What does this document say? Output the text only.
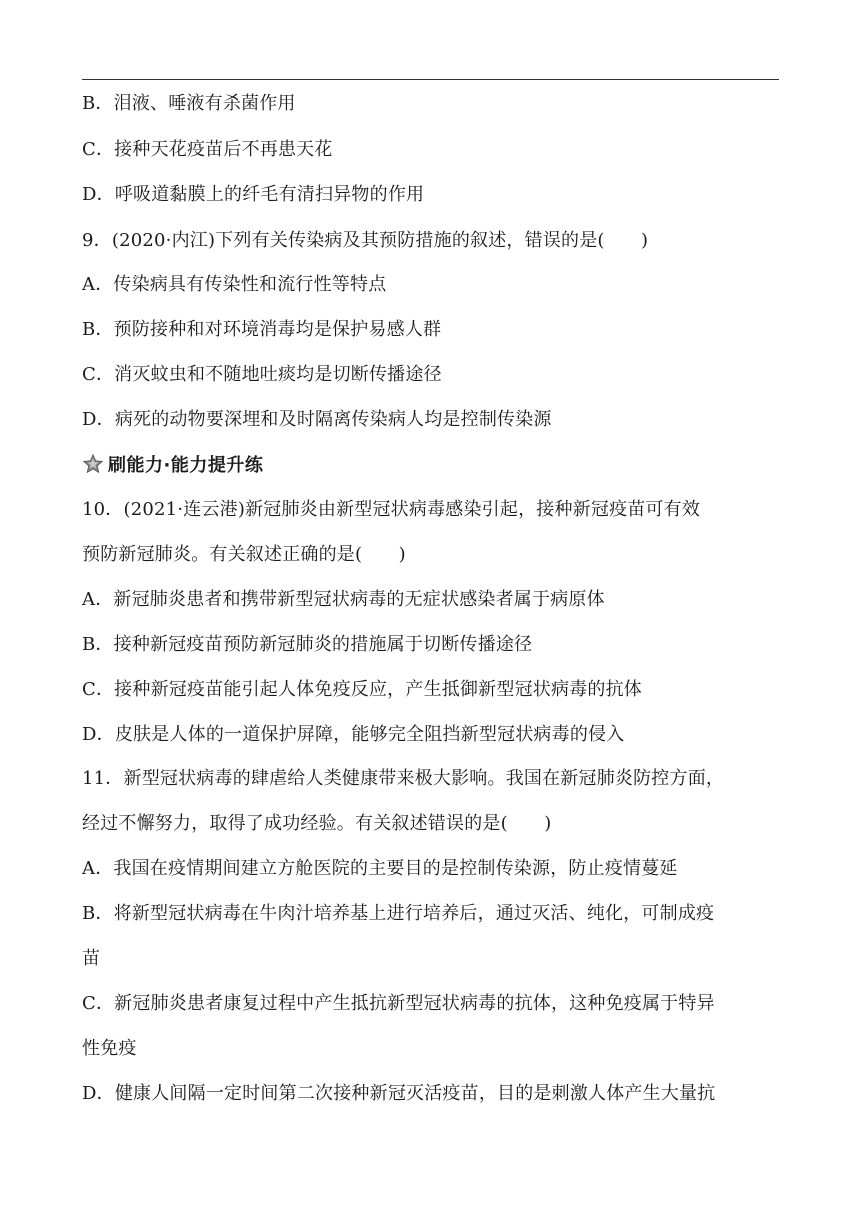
B．泪液、唾液有杀菌作用
C．接种天花疫苗后不再患天花
D．呼吸道黏膜上的纤毛有清扫异物的作用
9．(2020·内江)下列有关传染病及其预防措施的叙述，错误的是(　　)
A．传染病具有传染性和流行性等特点
B．预防接种和对环境消毒均是保护易感人群
C．消灭蚊虫和不随地吐痰均是切断传播途径
D．病死的动物要深埋和及时隔离传染病人均是控制传染源
刷能力·能力提升练
10．(2021·连云港)新冠肺炎由新型冠状病毒感染引起，接种新冠疫苗可有效
预防新冠肺炎。有关叙述正确的是(　　)
A．新冠肺炎患者和携带新型冠状病毒的无症状感染者属于病原体
B．接种新冠疫苗预防新冠肺炎的措施属于切断传播途径
C．接种新冠疫苗能引起人体免疫反应，产生抵御新型冠状病毒的抗体
D．皮肤是人体的一道保护屏障，能够完全阻挡新型冠状病毒的侵入
11．新型冠状病毒的肆虐给人类健康带来极大影响。我国在新冠肺炎防控方面，
经过不懈努力，取得了成功经验。有关叙述错误的是(　　)
A．我国在疫情期间建立方舱医院的主要目的是控制传染源，防止疫情蔓延
B．将新型冠状病毒在牛肉汁培养基上进行培养后，通过灭活、纯化，可制成疫
苗
C．新冠肺炎患者康复过程中产生抵抗新型冠状病毒的抗体，这种免疫属于特异
性免疫
D．健康人间隔一定时间第二次接种新冠灭活疫苗，目的是刺激人体产生大量抗
